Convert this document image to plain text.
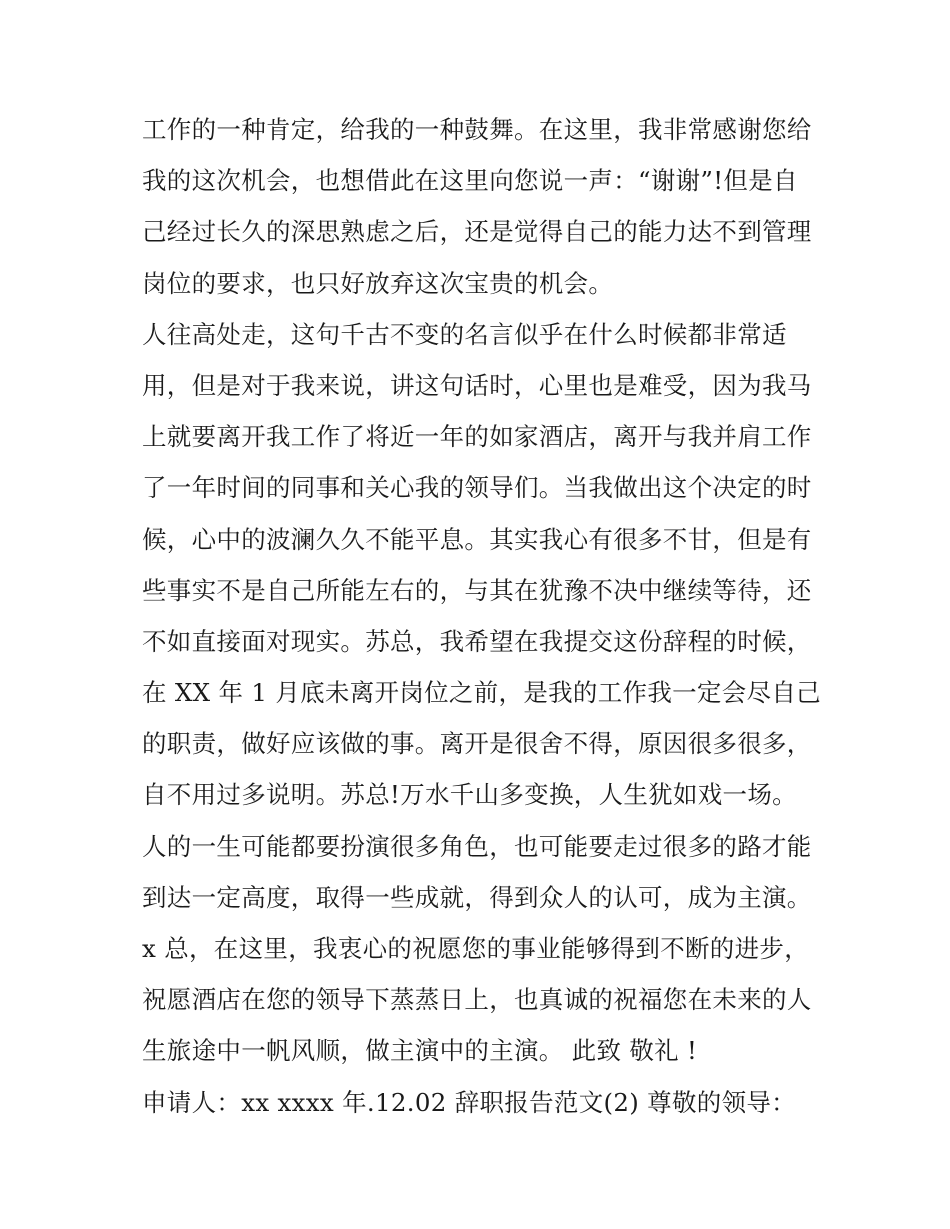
工作的一种肯定，给我的一种鼓舞。在这里，我非常感谢您给
我的这次机会，也想借此在这里向您说一声：“谢谢”!但是自
己经过长久的深思熟虑之后，还是觉得自己的能力达不到管理
岗位的要求，也只好放弃这次宝贵的机会。
人往高处走，这句千古不变的名言似乎在什么时候都非常适
用，但是对于我来说，讲这句话时，心里也是难受，因为我马
上就要离开我工作了将近一年的如家酒店，离开与我并肩工作
了一年时间的同事和关心我的领导们。当我做出这个决定的时
候，心中的波澜久久不能平息。其实我心有很多不甘，但是有
些事实不是自己所能左右的，与其在犹豫不决中继续等待，还
不如直接面对现实。苏总，我希望在我提交这份辞程的时候，
在 XX 年 1 月底未离开岗位之前，是我的工作我一定会尽自己
的职责，做好应该做的事。离开是很舍不得，原因很多很多，
自不用过多说明。苏总!万水千山多变换，人生犹如戏一场。
人的一生可能都要扮演很多角色，也可能要走过很多的路才能
到达一定高度，取得一些成就，得到众人的认可，成为主演。
x 总，在这里，我衷心的祝愿您的事业能够得到不断的进步，
祝愿酒店在您的领导下蒸蒸日上，也真诚的祝福您在未来的人
生旅途中一帆风顺，做主演中的主演。 此致 敬礼 !
申请人：xx xxxx 年.12.02 辞职报告范文(2) 尊敬的领导：
